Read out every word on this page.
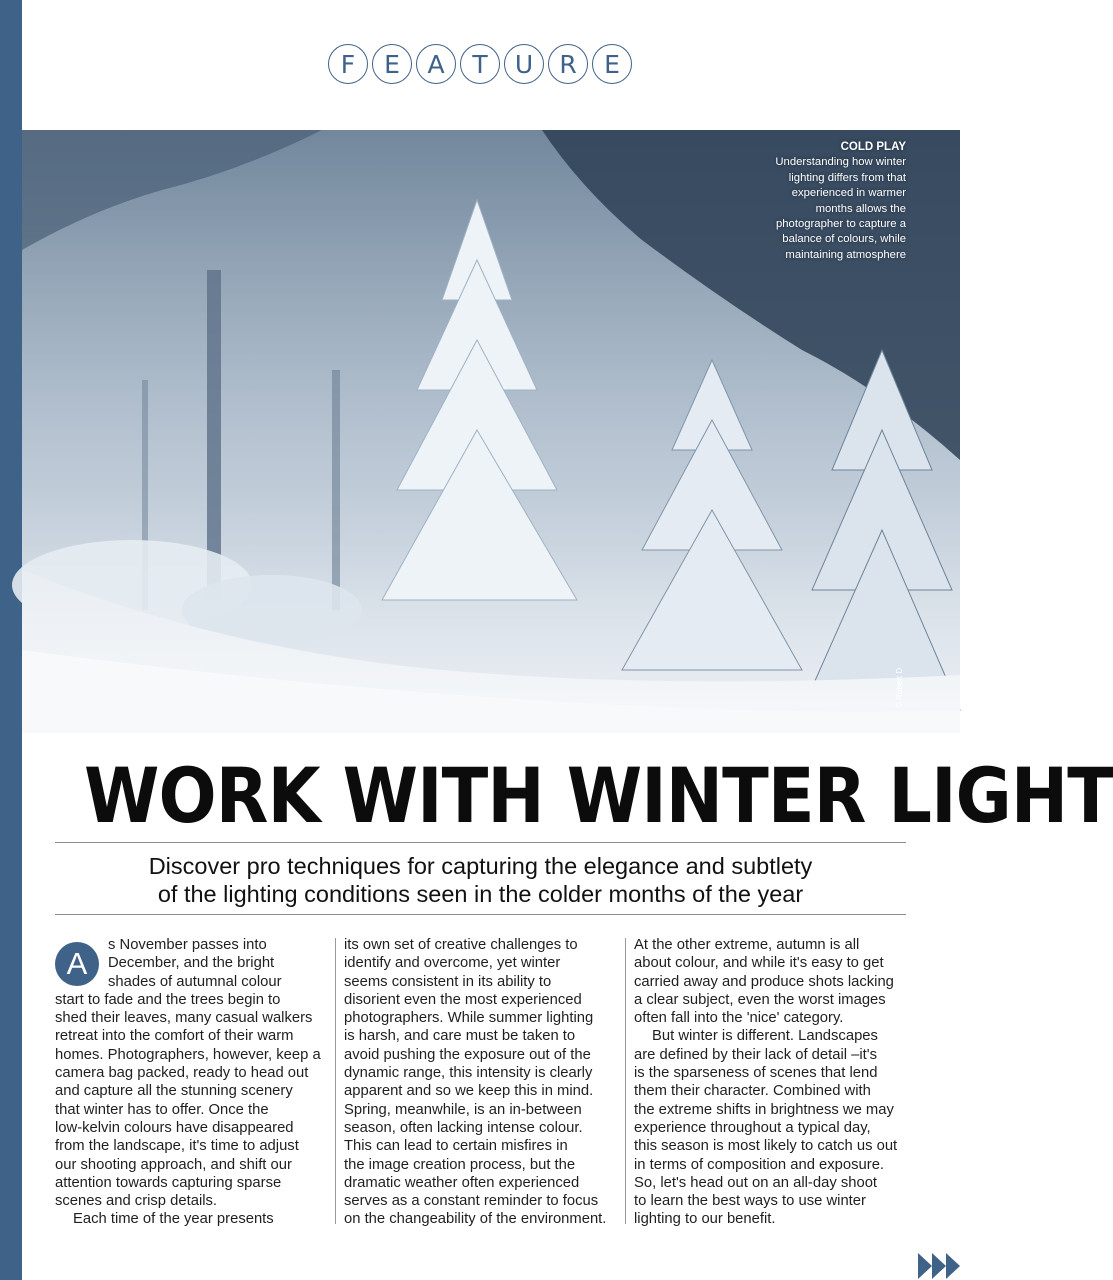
F	E	A	T	U	R	E
COLD PLAY
Understanding how winter
lighting differs from that
experienced in warmer
months allows the
photographer to capture a
balance of colours, while
maintaining atmosphere
© Robert D
WORK WITH WINTER LIGHT
Discover pro techniques for capturing the elegance and subtlety
of the lighting conditions seen in the colder months of the year
A

s November passes into

December, and the bright

shades of autumnal colour

start to fade and the trees begin to

shed their leaves, many casual walkers

retreat into the comfort of their warm

homes. Photographers, however, keep a

camera bag packed, ready to head out

and capture all the stunning scenery

that winter has to offer. Once the

low-kelvin colours have disappeared

from the landscape, it's time to adjust

our shooting approach, and shift our

attention towards capturing sparse

scenes and crisp details.

Each time of the year presents

its own set of creative challenges to

identify and overcome, yet winter

seems consistent in its ability to

disorient even the most experienced

photographers. While summer lighting

is harsh, and care must be taken to

avoid pushing the exposure out of the

dynamic range, this intensity is clearly

apparent and so we keep this in mind.

Spring, meanwhile, is an in-between

season, often lacking intense colour.

This can lead to certain misfires in

the image creation process, but the

dramatic weather often experienced

serves as a constant reminder to focus

on the changeability of the environment.

At the other extreme, autumn is all

about colour, and while it's easy to get

carried away and produce shots lacking

a clear subject, even the worst images

often fall into the 'nice' category.

But winter is different. Landscapes

are defined by their lack of detail –it's

is the sparseness of scenes that lend

them their character. Combined with

the extreme shifts in brightness we may

experience throughout a typical day,

this season is most likely to catch us out

in terms of composition and exposure.

So, let's head out on an all-day shoot

to learn the best ways to use winter

lighting to our benefit.
